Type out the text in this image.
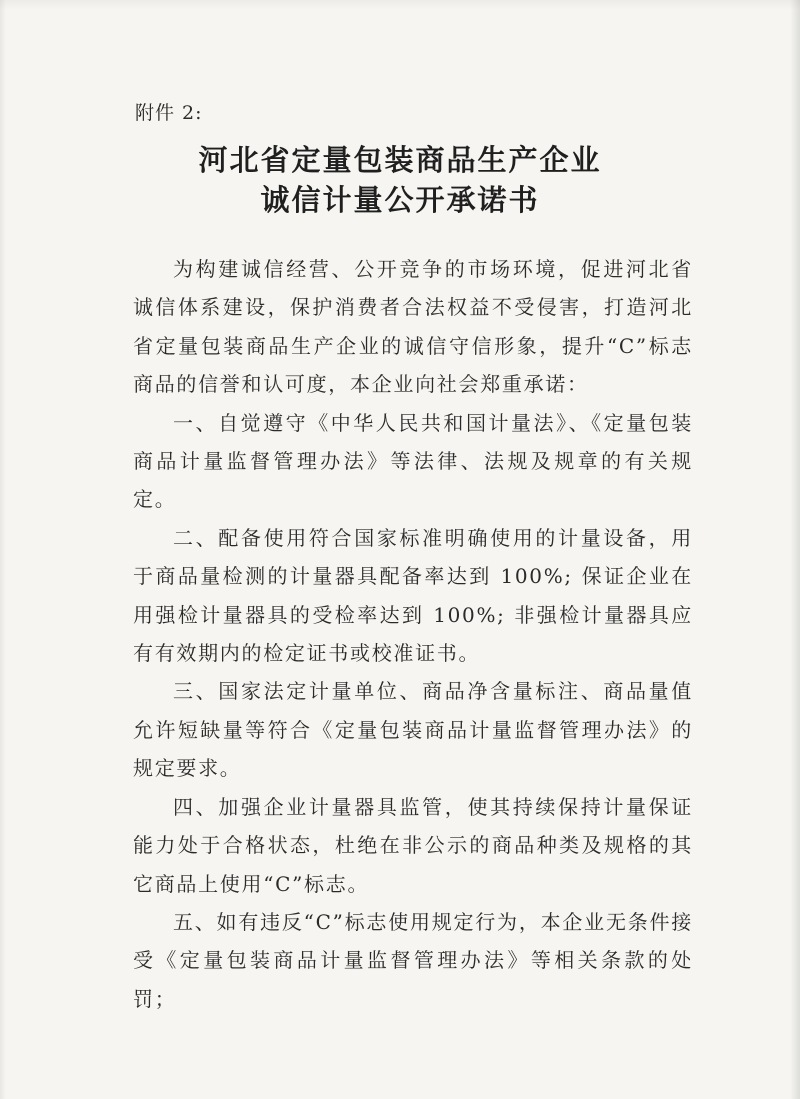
附件 2:
河北省定量包装商品生产企业
诚信计量公开承诺书

为构建诚信经营、公开竞争的市场环境，促进河北省诚信体系建设，保护消费者合法权益不受侵害，打造河北省定量包装商品生产企业的诚信守信形象，提升“C”标志商品的信誉和认可度，本企业向社会郑重承诺：

一、自觉遵守《中华人民共和国计量法》、《定量包装商品计量监督管理办法》等法律、法规及规章的有关规定。

二、配备使用符合国家标准明确使用的计量设备，用于商品量检测的计量器具配备率达到 100%; 保证企业在用强检计量器具的受检率达到 100%; 非强检计量器具应有有效期内的检定证书或校准证书。

三、国家法定计量单位、商品净含量标注、商品量值允许短缺量等符合《定量包装商品计量监督管理办法》的规定要求。

四、加强企业计量器具监管，使其持续保持计量保证能力处于合格状态，杜绝在非公示的商品种类及规格的其它商品上使用“C”标志。

五、如有违反“C”标志使用规定行为，本企业无条件接受《定量包装商品计量监督管理办法》等相关条款的处罚；
